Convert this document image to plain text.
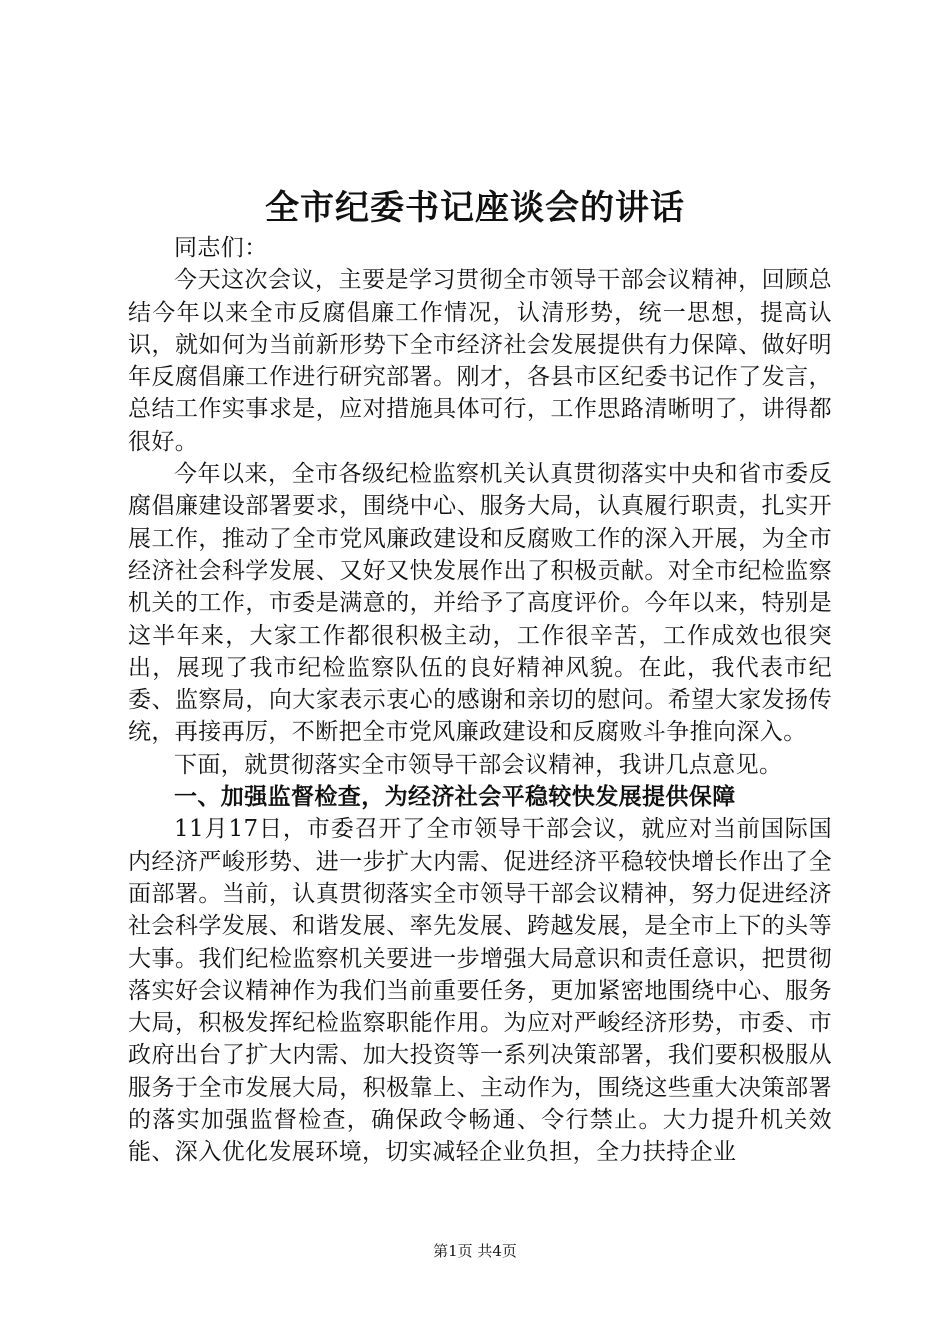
全市纪委书记座谈会的讲话

同志们：

今天这次会议，主要是学习贯彻全市领导干部会议精神，回顾总结今年以来全市反腐倡廉工作情况，认清形势，统一思想，提高认识，就如何为当前新形势下全市经济社会发展提供有力保障、做好明年反腐倡廉工作进行研究部署。刚才，各县市区纪委书记作了发言，总结工作实事求是，应对措施具体可行，工作思路清晰明了，讲得都很好。

今年以来，全市各级纪检监察机关认真贯彻落实中央和省市委反腐倡廉建设部署要求，围绕中心、服务大局，认真履行职责，扎实开展工作，推动了全市党风廉政建设和反腐败工作的深入开展，为全市经济社会科学发展、又好又快发展作出了积极贡献。对全市纪检监察机关的工作，市委是满意的，并给予了高度评价。今年以来，特别是这半年来，大家工作都很积极主动，工作很辛苦，工作成效也很突出，展现了我市纪检监察队伍的良好精神风貌。在此，我代表市纪委、监察局，向大家表示衷心的感谢和亲切的慰问。希望大家发扬传统，再接再厉，不断把全市党风廉政建设和反腐败斗争推向深入。

下面，就贯彻落实全市领导干部会议精神，我讲几点意见。

一、加强监督检查，为经济社会平稳较快发展提供保障

11月17日，市委召开了全市领导干部会议，就应对当前国际国内经济严峻形势、进一步扩大内需、促进经济平稳较快增长作出了全面部署。当前，认真贯彻落实全市领导干部会议精神，努力促进经济社会科学发展、和谐发展、率先发展、跨越发展，是全市上下的头等大事。我们纪检监察机关要进一步增强大局意识和责任意识，把贯彻落实好会议精神作为我们当前重要任务，更加紧密地围绕中心、服务大局，积极发挥纪检监察职能作用。为应对严峻经济形势，市委、市政府出台了扩大内需、加大投资等一系列决策部署，我们要积极服从服务于全市发展大局，积极靠上、主动作为，围绕这些重大决策部署的落实加强监督检查，确保政令畅通、令行禁止。大力提升机关效能、深入优化发展环境，切实减轻企业负担，全力扶持企业

第1页 共4页
